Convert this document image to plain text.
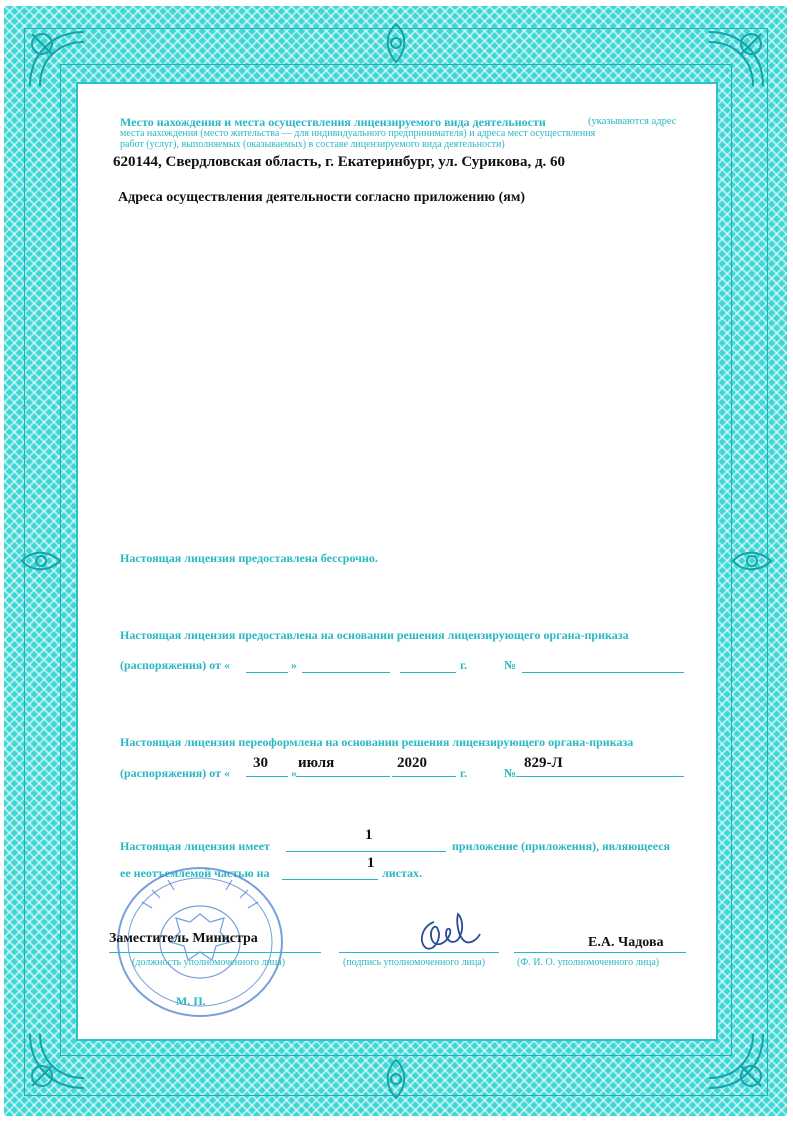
Место нахождения и места осуществления лицензируемого вида деятельности	(указываются адрес
места нахождения (место жительства — для индивидуального предпринимателя) и адреса мест осуществления
работ (услуг), выполняемых (оказываемых) в составе лицензируемого вида деятельности)
620144, Свердловская область, г. Екатеринбург, ул. Сурикова, д. 60
Адреса осуществления деятельности согласно приложению (ям)
Настоящая лицензия предоставлена бессрочно.
Настоящая лицензия предоставлена на основании решения лицензирующего органа-приказа
(распоряжения) от «	»	г.	№
Настоящая лицензия переоформлена на основании решения лицензирующего органа-приказа
(распоряжения) от «
30
»
июля	2020
г.	№
829-Л
Настоящая лицензия имеет
1
приложение (приложения), являющееся
ее неотъемлемой частью на
1
листах.
Заместитель Министра
(должность уполномоченного лица)	(подпись уполномоченного лица)
Е.А. Чадова
(Ф. И. О. уполномоченного лица)
М. П.
